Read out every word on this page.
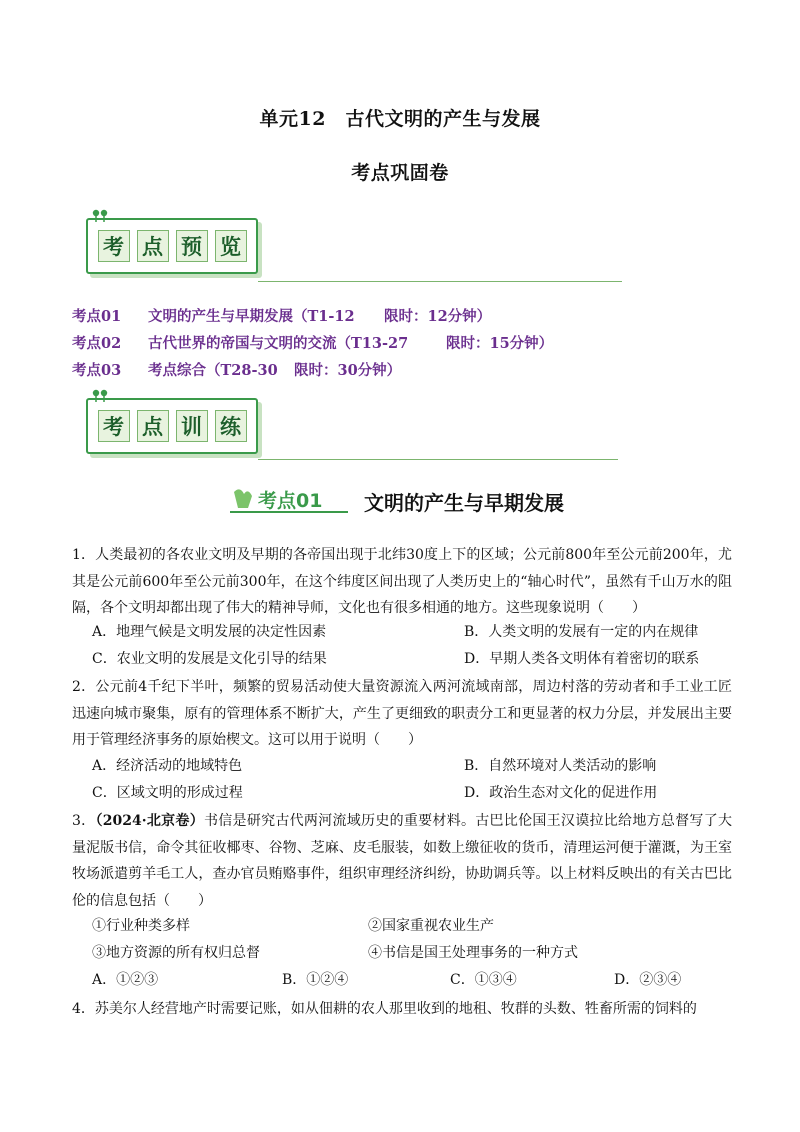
单元12　古代文明的产生与发展
考点巩固卷
考 点 预 览
考点01 文明的产生与早期发展（T1-12 限时：12分钟）
考点02 古代世界的帝国与文明的交流（T13-27	限时：15分钟）
考点03 考点综合（T28-30 限时：30分钟）
考 点 训 练
考点01 文明的产生与早期发展
1．人类最初的各农业文明及早期的各帝国出现于北纬30度上下的区域；公元前800年至公元前200年，尤其是公元前600年至公元前300年，在这个纬度区间出现了人类历史上的“轴心时代”，虽然有千山万水的阻隔，各个文明却都出现了伟大的精神导师，文化也有很多相通的地方。这些现象说明（　　）
A．地理气候是文明发展的决定性因素	B．人类文明的发展有一定的内在规律
C．农业文明的发展是文化引导的结果	D．早期人类各文明体有着密切的联系
2．公元前4千纪下半叶，频繁的贸易活动使大量资源流入两河流域南部，周边村落的劳动者和手工业工匠迅速向城市聚集，原有的管理体系不断扩大，产生了更细致的职责分工和更显著的权力分层，并发展出主要用于管理经济事务的原始楔文。这可以用于说明（　　）
A．经济活动的地域特色	B．自然环境对人类活动的影响
C．区域文明的形成过程	D．政治生态对文化的促进作用
3．（2024·北京卷）书信是研究古代两河流域历史的重要材料。古巴比伦国王汉谟拉比给地方总督写了大量泥版书信，命令其征收椰枣、谷物、芝麻、皮毛服装，如数上缴征收的货币，清理运河便于灌溉，为王室牧场派遣剪羊毛工人，查办官员贿赂事件，组织审理经济纠纷，协助调兵等。以上材料反映出的有关古巴比伦的信息包括（　　）
①行业种类多样	②国家重视农业生产
③地方资源的所有权归总督	④书信是国王处理事务的一种方式
A．①②③	B．①②④	C．①③④	D．②③④
4．苏美尔人经营地产时需要记账，如从佃耕的农人那里收到的地租、牧群的头数、牲畜所需的饲料的
